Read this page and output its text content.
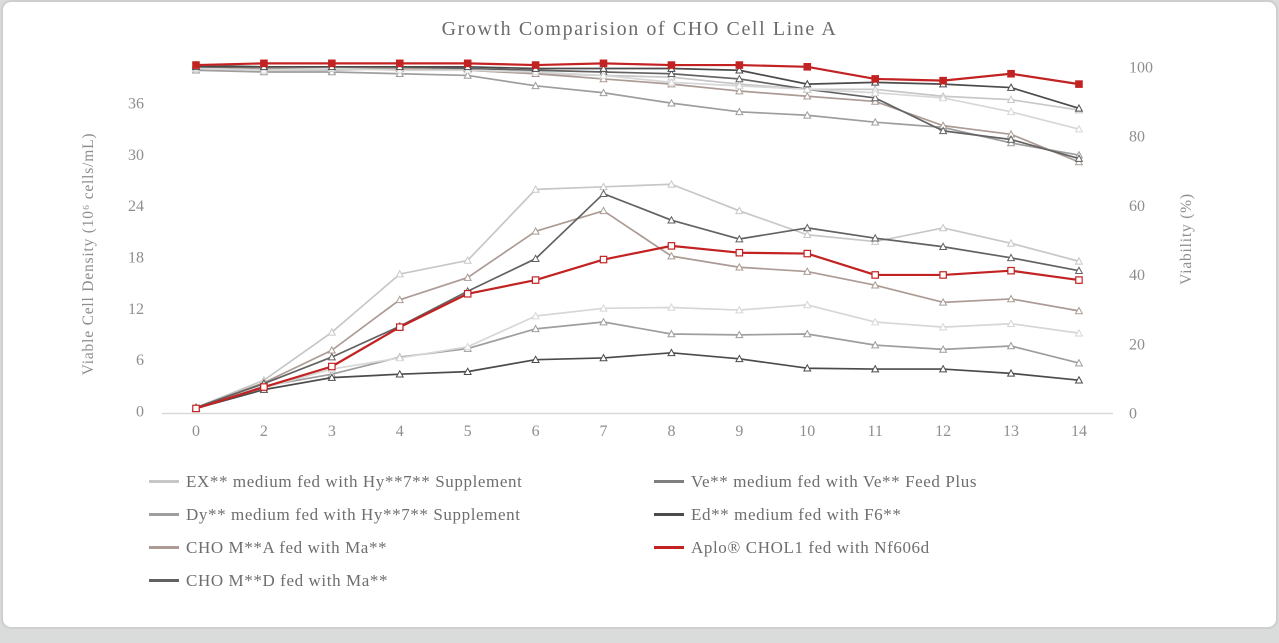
Growth Comparision of CHO Cell Line A
0	2	3	4	5	6	7	8	9	10	11	12	13	14
0
6
12
18
24
30
36
0
20
40
60
80
100
Viable Cell Density (10⁶ cells/mL)	Viability (%)
EX** medium fed with Hy**7** Supplement
Dy** medium fed with Hy**7** Supplement
CHO M**A fed with Ma**
CHO M**D fed with Ma**
Ve** medium fed with Ve** Feed Plus
Ed** medium fed with F6**
Aplo® CHOL1 fed with Nf606d
